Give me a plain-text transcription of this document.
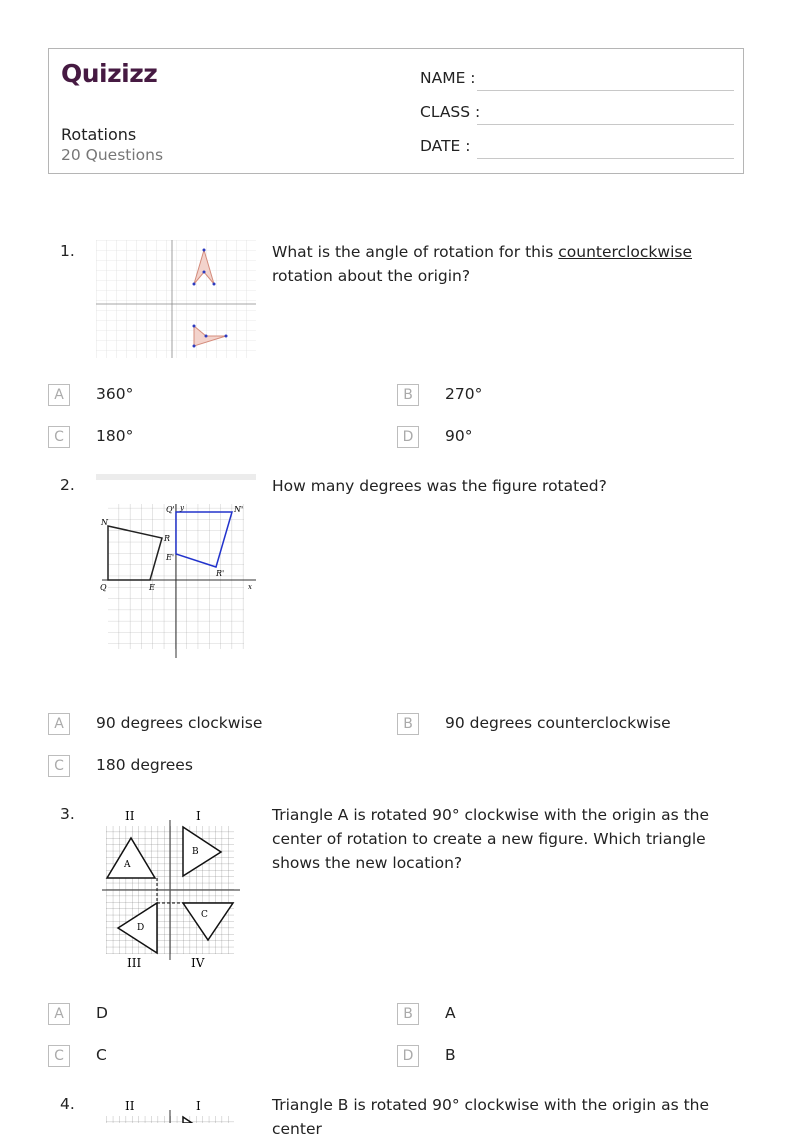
Quizizz
Rotations
20 Questions
NAME :
CLASS :
DATE :
1.	What is the angle of rotation for this counterclockwise rotation about the origin?
A	360°	B	270°
C	180°	D	90°
2.
N
R
Q	E
Q' y	N'
E'
R'
x
How many degrees was the figure rotated?
A	90 degrees clockwise	B	90 degrees counterclockwise
C	180 degrees
3.	II	I
III	IV
A
B
C
D
Triangle A is rotated 90° clockwise with the origin as the center of rotation to create a new figure. Which triangle shows the new location?
A	D	B	A
C	C	D	B
4.	II	I	Triangle B is rotated 90° clockwise with the origin as the center
